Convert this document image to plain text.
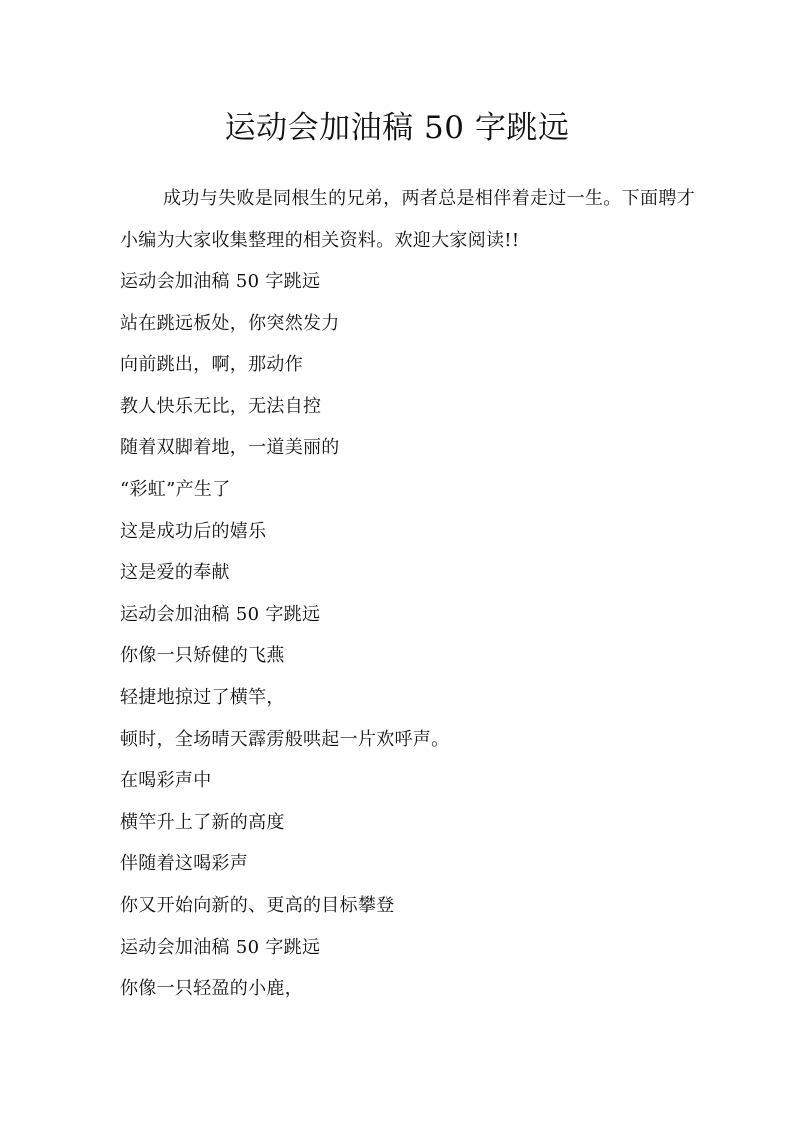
运动会加油稿 50 字跳远
成功与失败是同根生的兄弟，两者总是相伴着走过一生。下面聘才小编为大家收集整理的相关资料。欢迎大家阅读!!
运动会加油稿 50 字跳远
站在跳远板处，你突然发力
向前跳出，啊，那动作
教人快乐无比，无法自控
随着双脚着地，一道美丽的
“彩虹”产生了
这是成功后的嬉乐
这是爱的奉献
运动会加油稿 50 字跳远
你像一只矫健的飞燕
轻捷地掠过了横竿，
顿时，全场晴天霹雳般哄起一片欢呼声。
在喝彩声中
横竿升上了新的高度
伴随着这喝彩声
你又开始向新的、更高的目标攀登
运动会加油稿 50 字跳远
你像一只轻盈的小鹿，
